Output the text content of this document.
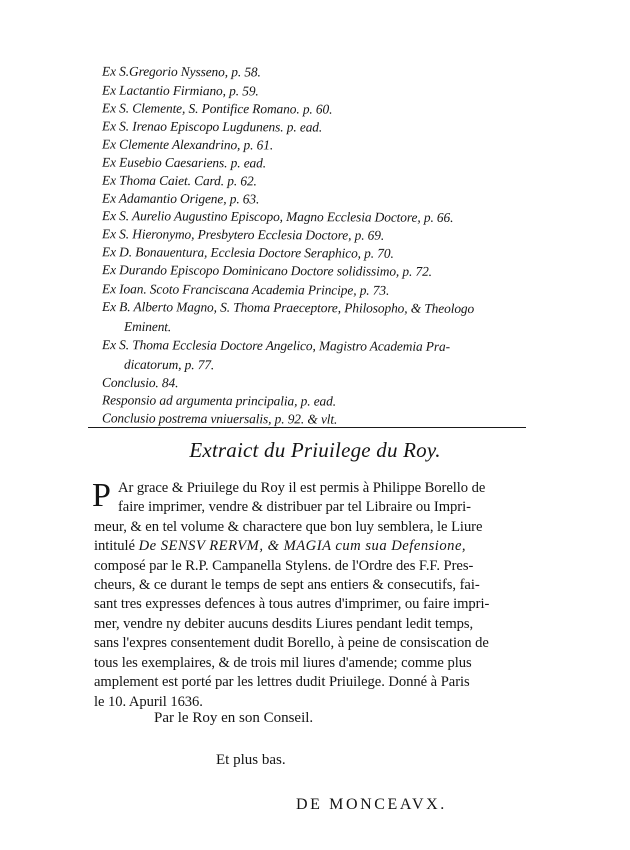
Ex S.Gregorio Nysseno, p. 58.
Ex Lactantio Firmiano, p. 59.
Ex S. Clemente, S. Pontifice Romano. p. 60.
Ex S. Irenao Episcopo Lugdunens. p. ead.
Ex Clemente Alexandrino, p. 61.
Ex Eusebio Caesariens. p. ead.
Ex Thoma Caiet. Card. p. 62.
Ex Adamantio Origene, p. 63.
Ex S. Aurelio Augustino Episcopo, Magno Ecclesia Doctore, p. 66.
Ex S. Hieronymo, Presbytero Ecclesia Doctore, p. 69.
Ex D. Bonauentura, Ecclesia Doctore Seraphico, p. 70.
Ex Durando Episcopo Dominicano Doctore solidissimo, p. 72.
Ex Ioan. Scoto Franciscana Academia Principe, p. 73.
Ex B. Alberto Magno, S. Thoma Praeceptore, Philosopho, & Theologo
Eminent.
Ex S. Thoma Ecclesia Doctore Angelico, Magistro Academia Pra-
dicatorum, p. 77.
Conclusio. 84.
Responsio ad argumenta principalia, p. ead.
Conclusio postrema vniuersalis, p. 92. & vlt.
Extraict du Priuilege du Roy.
P Ar grace & Priuilege du Roy il est permis à Philippe Borello de
faire imprimer, vendre & distribuer par tel Libraire ou Impri-
meur, & en tel volume & charactere que bon luy semblera, le Liure
intitulé De SENSV RERVM, & MAGIA cum sua Defensione,
composé par le R.P. Campanella Stylens. de l'Ordre des F.F. Pres-
cheurs, & ce durant le temps de sept ans entiers & consecutifs, fai-
sant tres expresses defences à tous autres d'imprimer, ou faire impri-
mer, vendre ny debiter aucuns desdits Liures pendant ledit temps,
sans l'expres consentement dudit Borello, à peine de consiscation de
tous les exemplaires, & de trois mil liures d'amende; comme plus
amplement est porté par les lettres dudit Priuilege. Donné à Paris
le 10. Apuril 1636.
Par le Roy en son Conseil.
Et plus bas.
DE MONCEAVX.
